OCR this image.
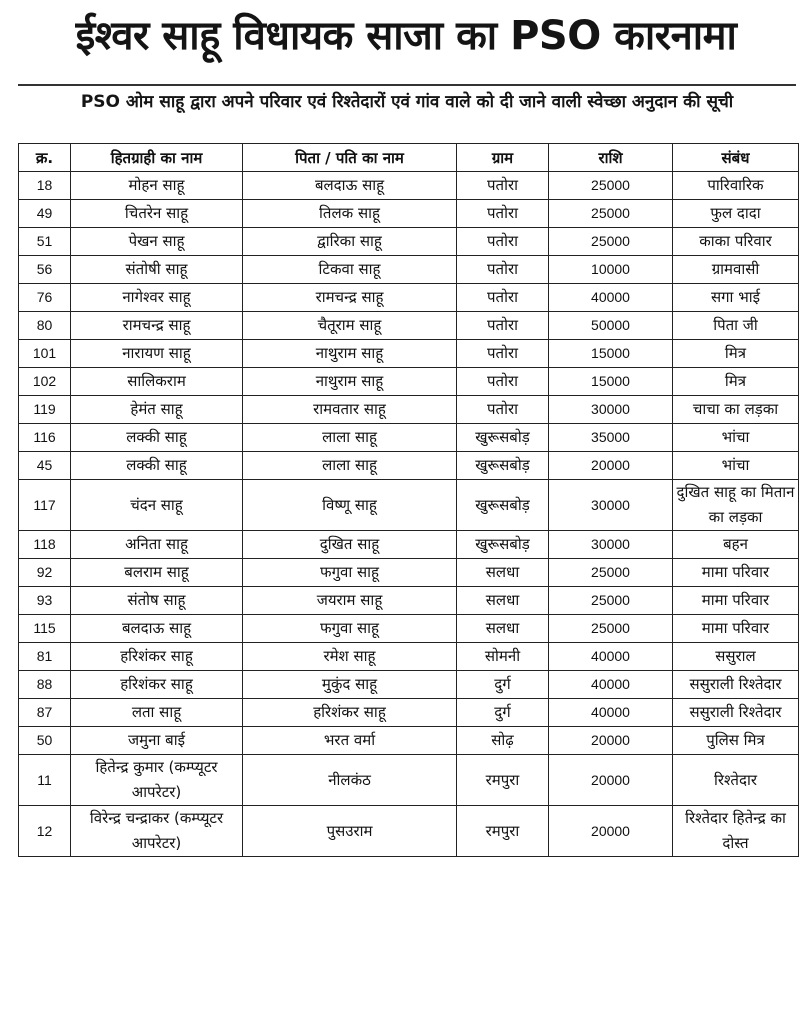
ईश्वर साहू विधायक साजा का PSO कारनामा
PSO ओम साहू द्वारा अपने परिवार एवं रिश्तेदारों एवं गांव वाले को दी जाने वाली स्वेच्छा अनुदान की सूची
क्र.	हितग्राही का नाम	पिता / पति का नाम	ग्राम	राशि	संबंध
18	मोहन साहू	बलदाऊ साहू	पतोरा	25000	पारिवारिक
49	चितरेन साहू	तिलक साहू	पतोरा	25000	फुल दादा
51	पेखन साहू	द्वारिका साहू	पतोरा	25000	काका परिवार
56	संतोषी साहू	टिकवा साहू	पतोरा	10000	ग्रामवासी
76	नागेश्वर साहू	रामचन्द्र साहू	पतोरा	40000	सगा भाई
80	रामचन्द्र साहू	चैतूराम साहू	पतोरा	50000	पिता जी
101	नारायण साहू	नाथुराम साहू	पतोरा	15000	मित्र
102	सालिकराम	नाथुराम साहू	पतोरा	15000	मित्र
119	हेमंत साहू	रामवतार साहू	पतोरा	30000	चाचा का लड़का
116	लक्की साहू	लाला साहू	खुरूसबोड़	35000	भांचा
45	लक्की साहू	लाला साहू	खुरूसबोड़	20000	भांचा
117	चंदन साहू	विष्णू साहू	खुरूसबोड़	30000	दुखित साहू का मितान का लड़का
118	अनिता साहू	दुखित साहू	खुरूसबोड़	30000	बहन
92	बलराम साहू	फगुवा साहू	सलधा	25000	मामा परिवार
93	संतोष साहू	जयराम साहू	सलधा	25000	मामा परिवार
115	बलदाऊ साहू	फगुवा साहू	सलधा	25000	मामा परिवार
81	हरिशंकर साहू	रमेश साहू	सोमनी	40000	ससुराल
88	हरिशंकर साहू	मुकुंद साहू	दुर्ग	40000	ससुराली रिश्तेदार
87	लता साहू	हरिशंकर साहू	दुर्ग	40000	ससुराली रिश्तेदार
50	जमुना बाई	भरत वर्मा	सोढ़	20000	पुलिस मित्र
11	हितेन्द्र कुमार (कम्प्यूटर आपरेटर)	नीलकंठ	रमपुरा	20000	रिश्तेदार
12	विरेन्द्र चन्द्राकर (कम्प्यूटर आपरेटर)	पुसउराम	रमपुरा	20000	रिश्तेदार हितेन्द्र का दोस्त
